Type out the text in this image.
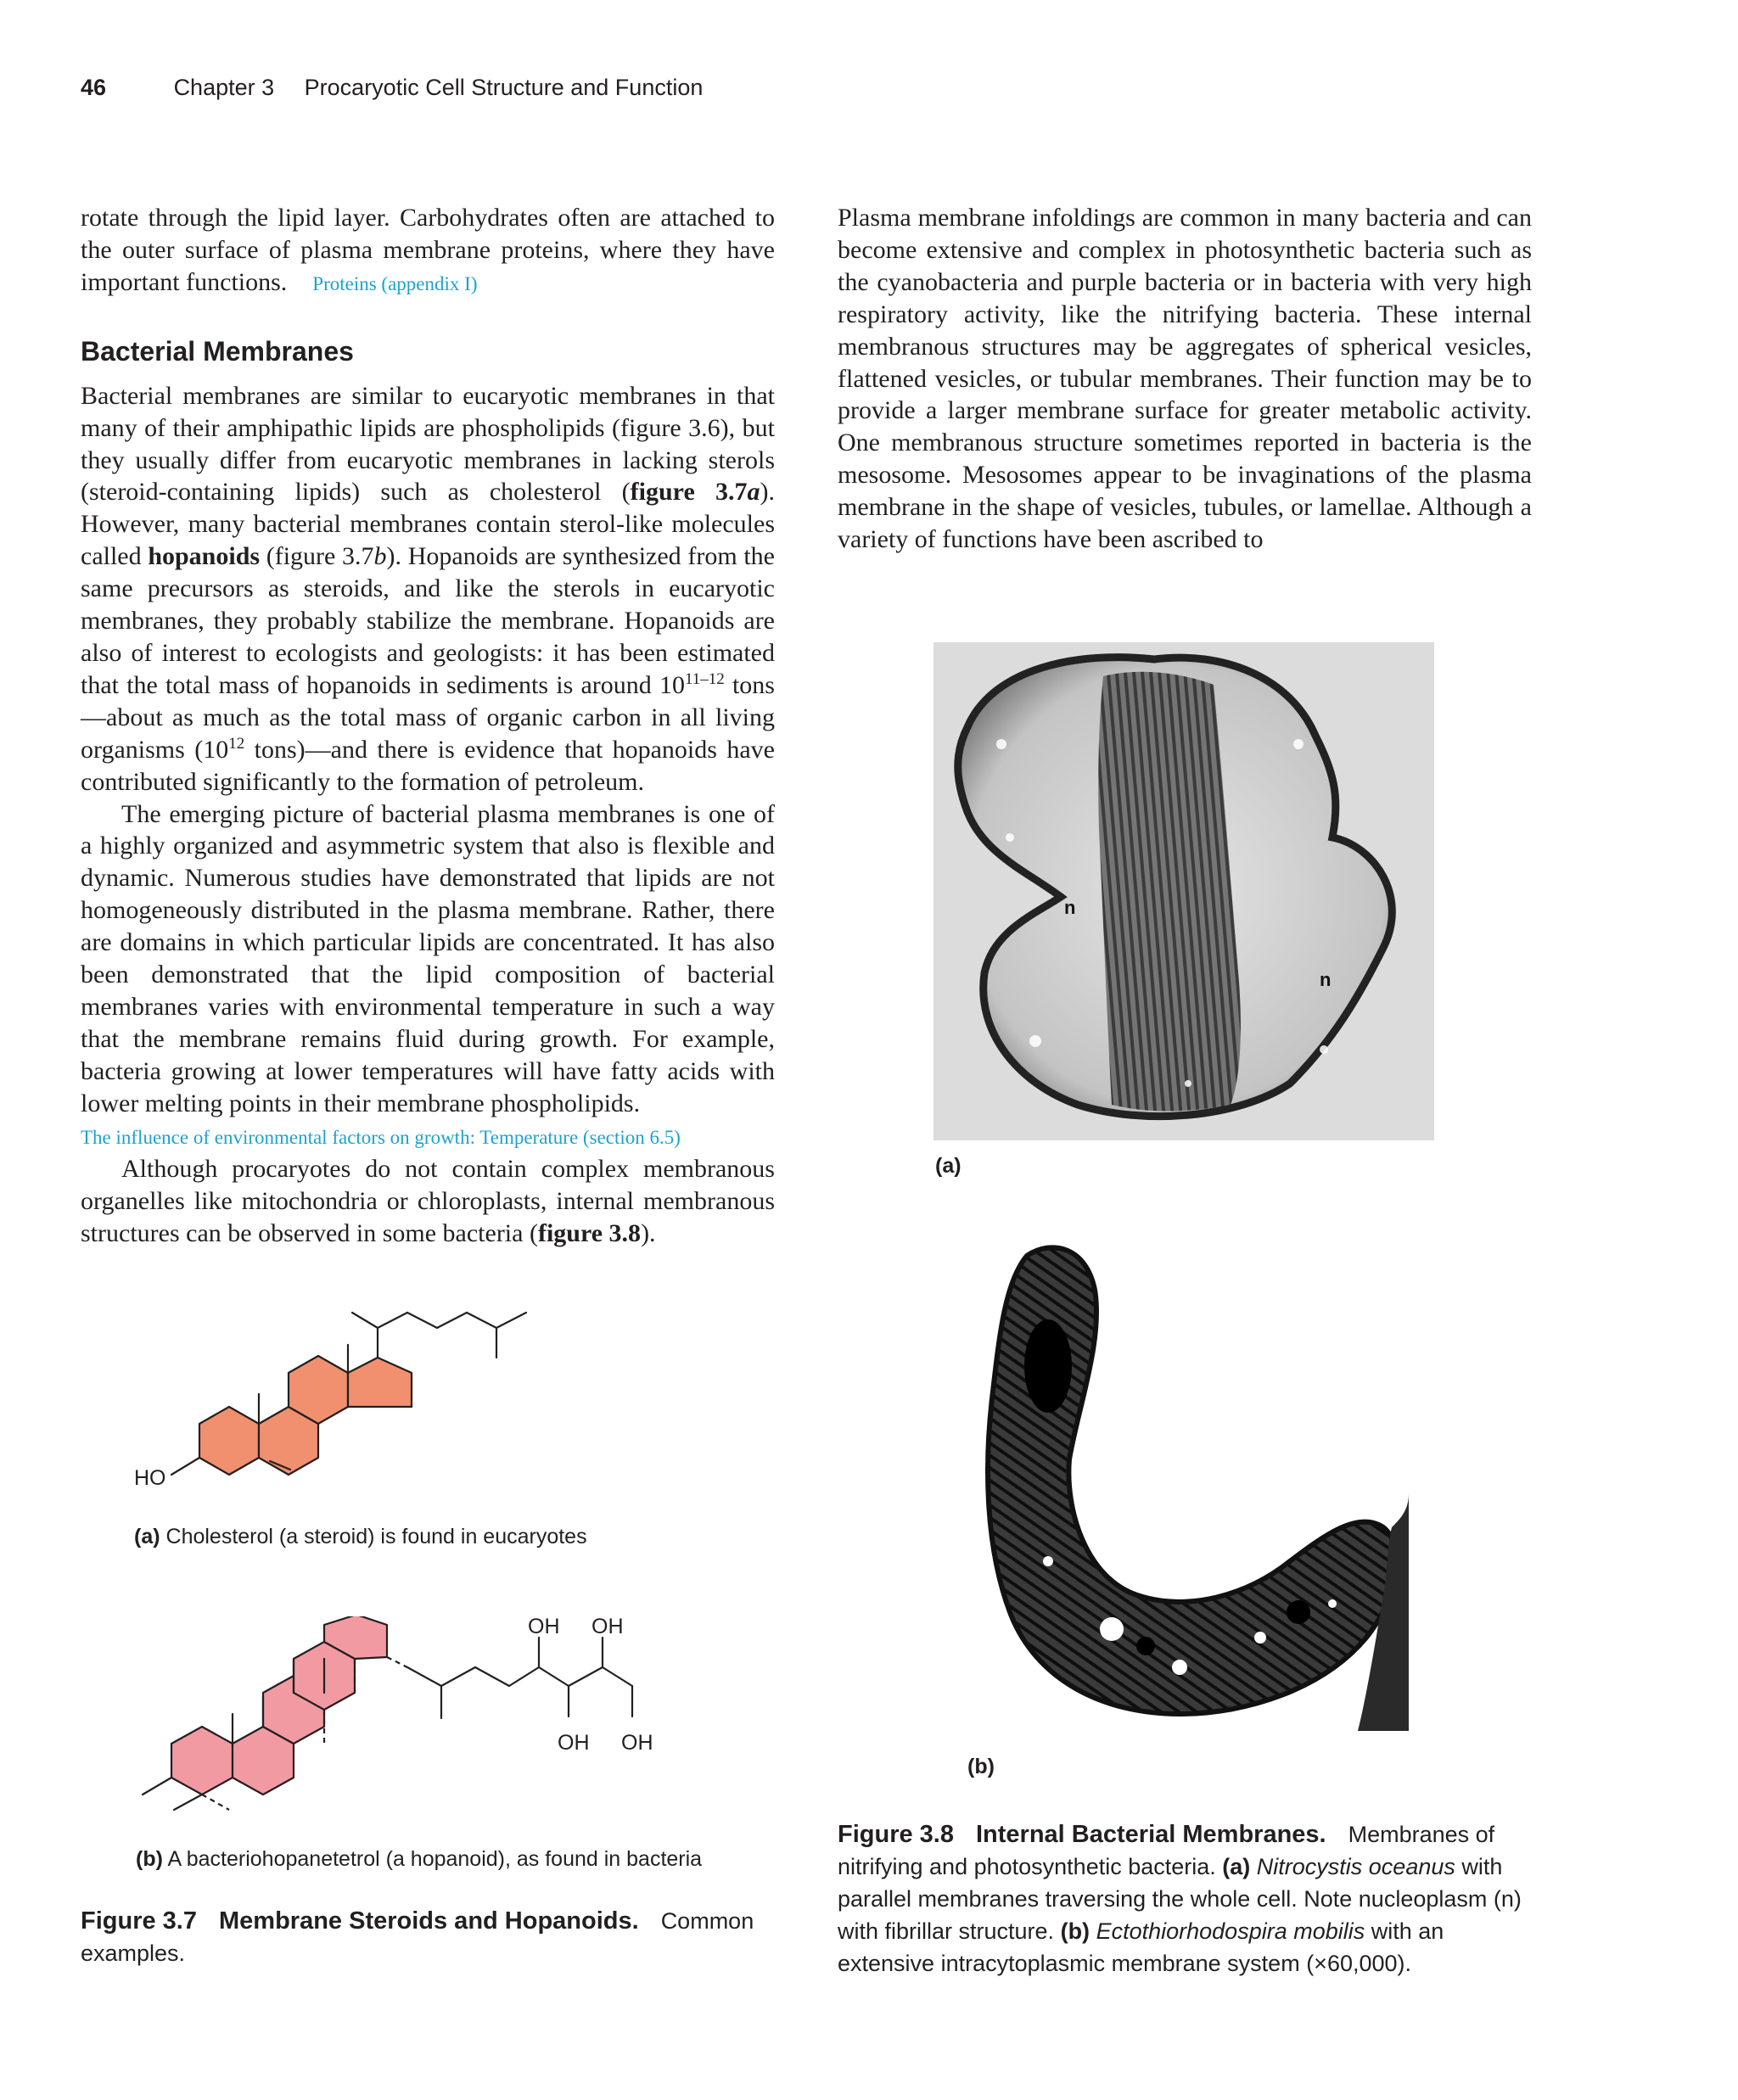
46	Chapter 3 Procaryotic Cell Structure and Function

rotate through the lipid layer. Carbohydrates often are attached to the outer surface of plasma membrane proteins, where they have important functions. Proteins (appendix I)

Bacterial Membranes

Bacterial membranes are similar to eucaryotic membranes in that many of their amphipathic lipids are phospholipids (figure 3.6), but they usually differ from eucaryotic membranes in lacking sterols (steroid-containing lipids) such as cholesterol (figure 3.7a). However, many bacterial membranes contain sterol-like molecules called hopanoids (figure 3.7b). Hopanoids are synthesized from the same precursors as steroids, and like the sterols in eucaryotic membranes, they probably stabilize the membrane. Hopanoids are also of interest to ecologists and geologists: it has been estimated that the total mass of hopanoids in sediments is around 10$^{11-12}$ tons—about as much as the total mass of organic carbon in all living organisms ($10^{12}$ tons)—and there is evidence that hopanoids have contributed significantly to the formation of petroleum.

The emerging picture of bacterial plasma membranes is one of a highly organized and asymmetric system that also is flexible and dynamic. Numerous studies have demonstrated that lipids are not homogeneously distributed in the plasma membrane. Rather, there are domains in which particular lipids are concentrated. It has also been demonstrated that the lipid composition of bacterial membranes varies with environmental temperature in such a way that the membrane remains fluid during growth. For example, bacteria growing at lower temperatures will have fatty acids with lower melting points in their membrane phospholipids.

The influence of environmental factors on growth: Temperature (section 6.5)

Although procaryotes do not contain complex membranous organelles like mitochondria or chloroplasts, internal membranous structures can be observed in some bacteria (figure 3.8).

Plasma membrane infoldings are common in many bacteria and can become extensive and complex in photosynthetic bacteria such as the cyanobacteria and purple bacteria or in bacteria with very high respiratory activity, like the nitrifying bacteria. These internal membranous structures may be aggregates of spherical vesicles, flattened vesicles, or tubular membranes. Their function may be to provide a larger membrane surface for greater metabolic activity. One membranous structure sometimes reported in bacteria is the mesosome. Mesosomes appear to be invaginations of the plasma membrane in the shape of vesicles, tubules, or lamellae. Although a variety of functions have been ascribed to

HO
(a) Cholesterol (a steroid) is found in eucaryotes
OH OH
OH OH
(b) A bacteriohopanetetrol (a hopanoid), as found in bacteria
Figure 3.7 Membrane Steroids and Hopanoids. Common examples.
n
n
(a)
(b)
Figure 3.8 Internal Bacterial Membranes. Membranes of nitrifying and photosynthetic bacteria. (a) Nitrocystis oceanus with parallel membranes traversing the whole cell. Note nucleoplasm (n) with fibrillar structure. (b) Ectothiorhodospira mobilis with an extensive intracytoplasmic membrane system (×60,000).
